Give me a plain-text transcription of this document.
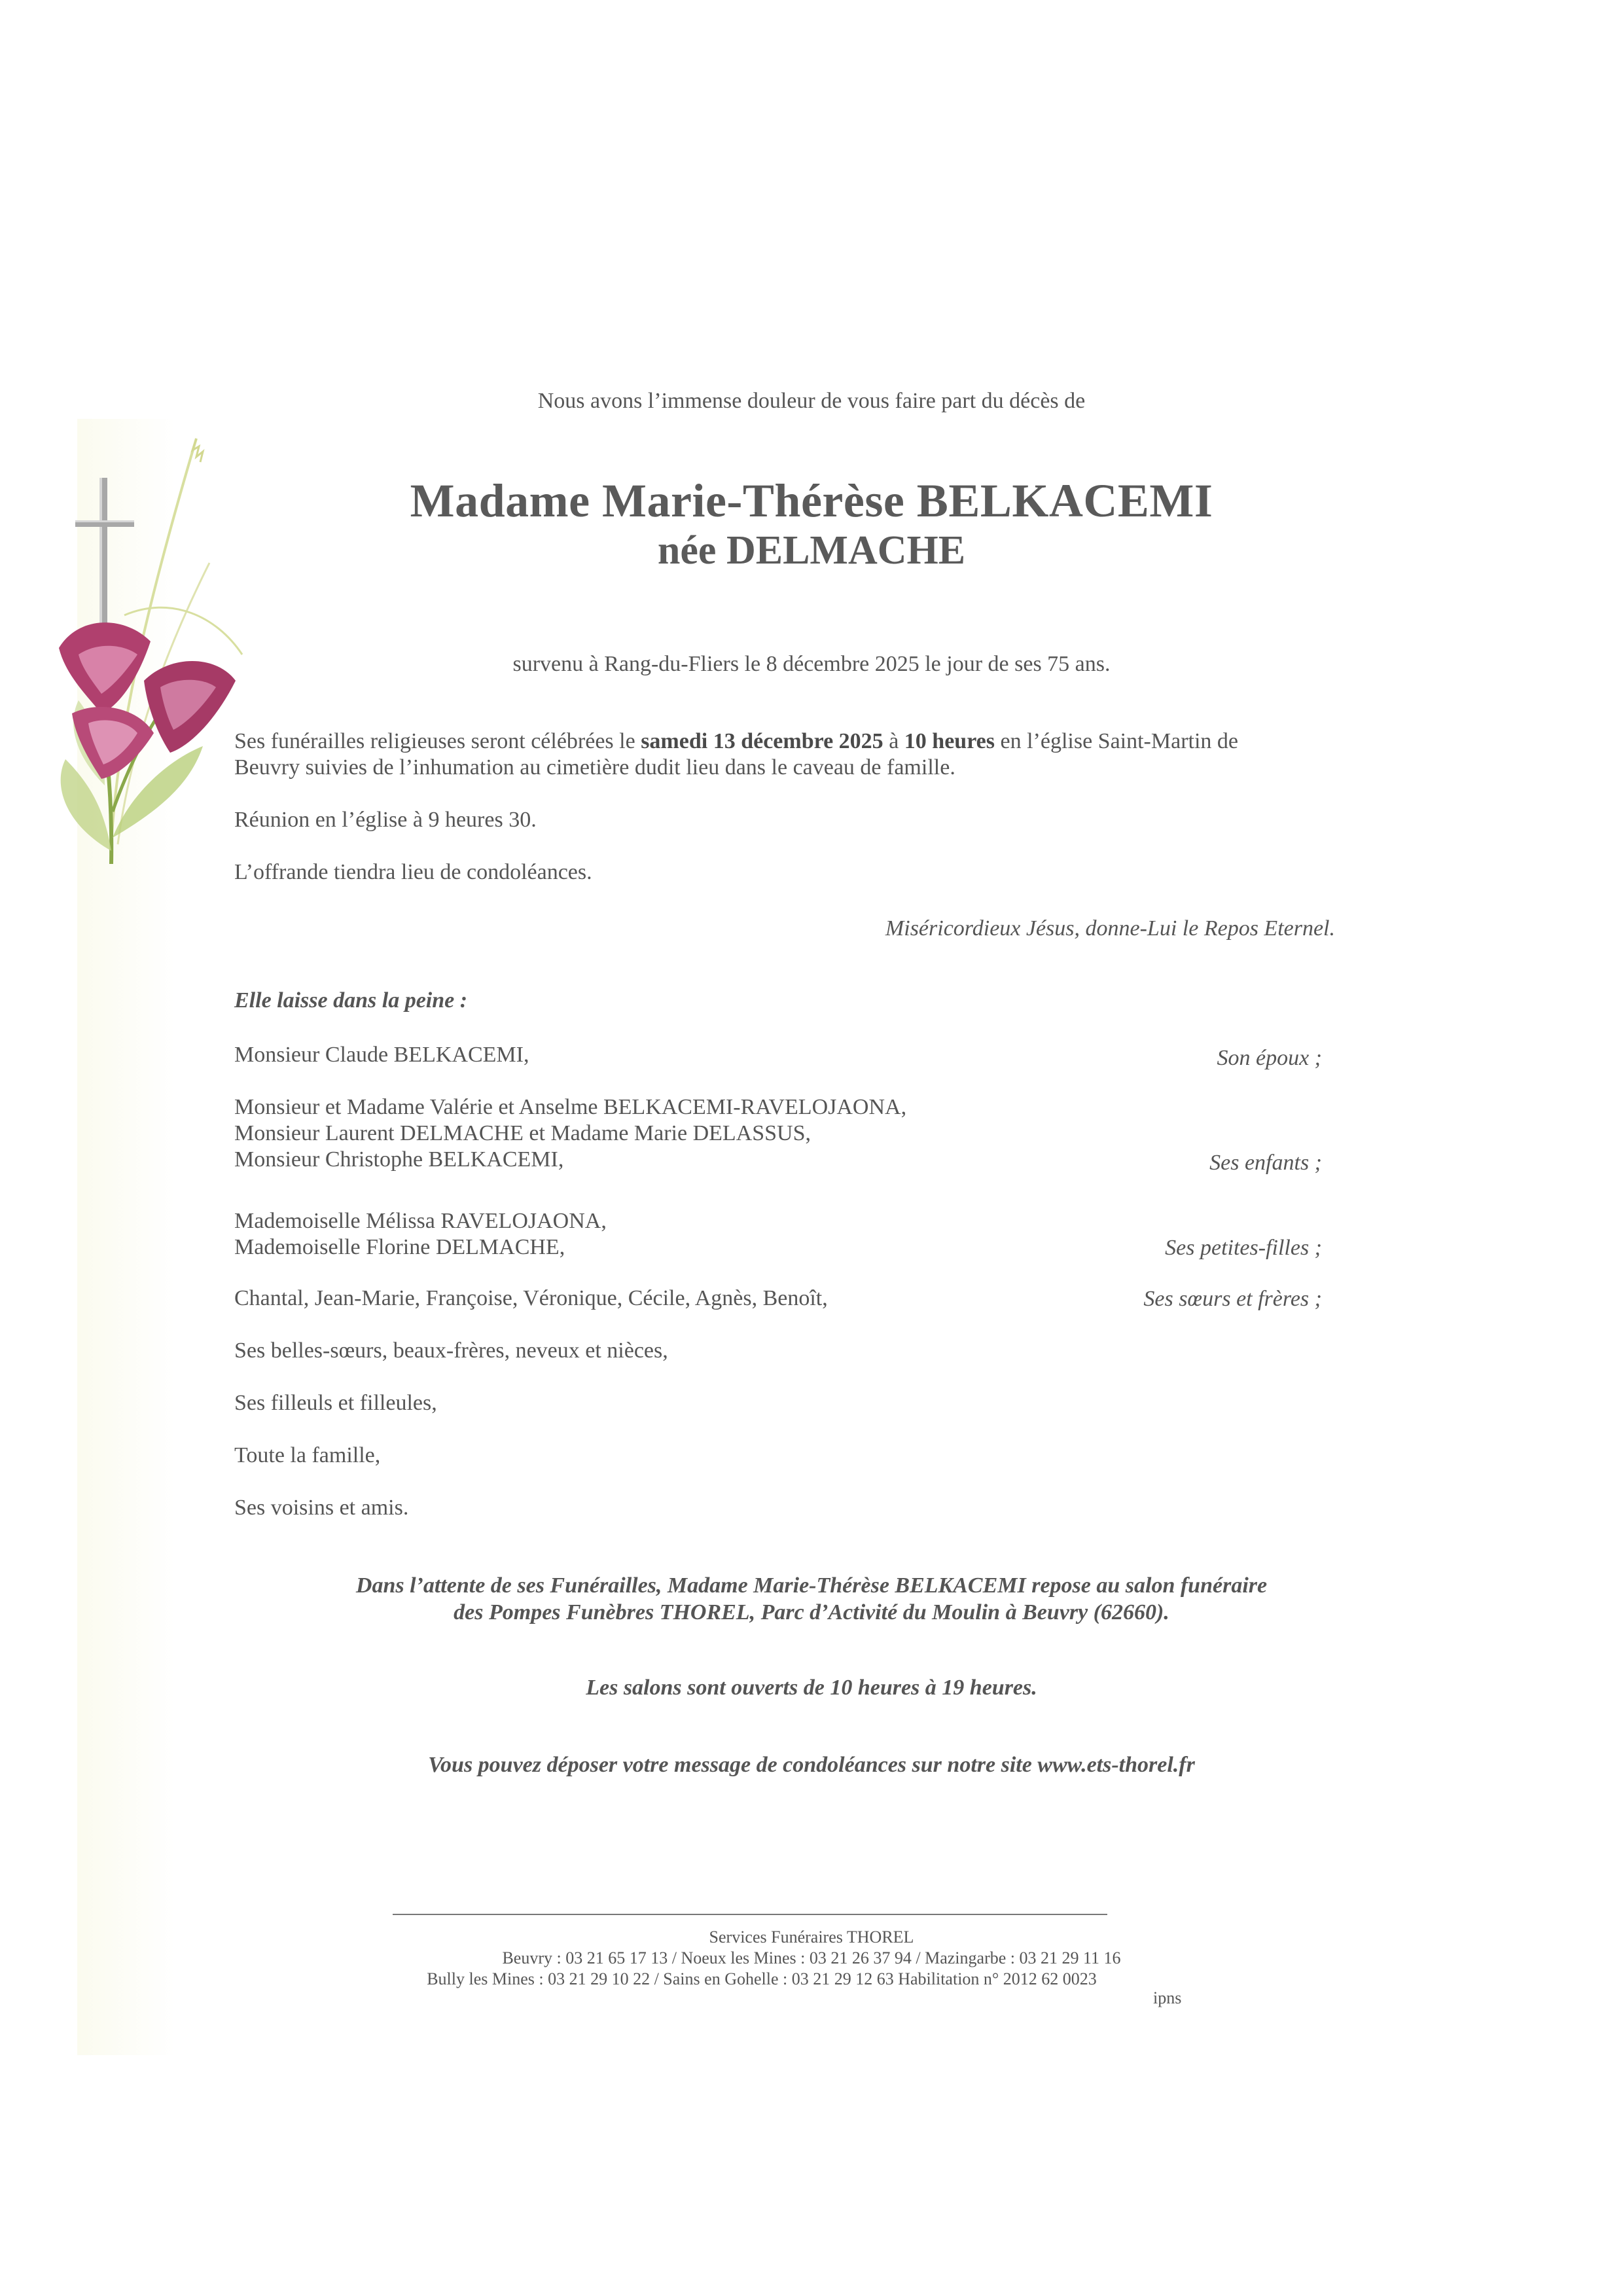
Nous avons l’immense douleur de vous faire part du décès de
Madame Marie-Thérèse BELKACEMI
née DELMACHE
survenu à Rang-du-Fliers le 8 décembre 2025 le jour de ses 75 ans.
Ses funérailles religieuses seront célébrées le samedi 13 décembre 2025 à 10 heures en l’église Saint-Martin de
Beuvry suivies de l’inhumation au cimetière dudit lieu dans le caveau de famille.
Réunion en l’église à 9 heures 30.
L’offrande tiendra lieu de condoléances.
Miséricordieux Jésus, donne-Lui le Repos Eternel.
Elle laisse dans la peine :
Monsieur Claude BELKACEMI,	Son époux ;
Monsieur et Madame Valérie et Anselme BELKACEMI-RAVELOJAONA,
Monsieur Laurent DELMACHE et Madame Marie DELASSUS,
Monsieur Christophe BELKACEMI,	Ses enfants ;
Mademoiselle Mélissa RAVELOJAONA,
Mademoiselle Florine DELMACHE,	Ses petites-filles ;
Chantal, Jean-Marie, Françoise, Véronique, Cécile, Agnès, Benoît,	Ses sœurs et frères ;
Ses belles-sœurs, beaux-frères, neveux et nièces,
Ses filleuls et filleules,
Toute la famille,
Ses voisins et amis.
Dans l’attente de ses Funérailles, Madame Marie-Thérèse BELKACEMI repose au salon funéraire
des Pompes Funèbres THOREL, Parc d’Activité du Moulin à Beuvry (62660).
Les salons sont ouverts de 10 heures à 19 heures.
Vous pouvez déposer votre message de condoléances sur notre site www.ets-thorel.fr
Services Funéraires THOREL
Beuvry : 03 21 65 17 13 / Noeux les Mines : 03 21 26 37 94 / Mazingarbe : 03 21 29 11 16
Bully les Mines : 03 21 29 10 22 / Sains en Gohelle : 03 21 29 12 63 Habilitation n° 2012 62 0023
ipns
